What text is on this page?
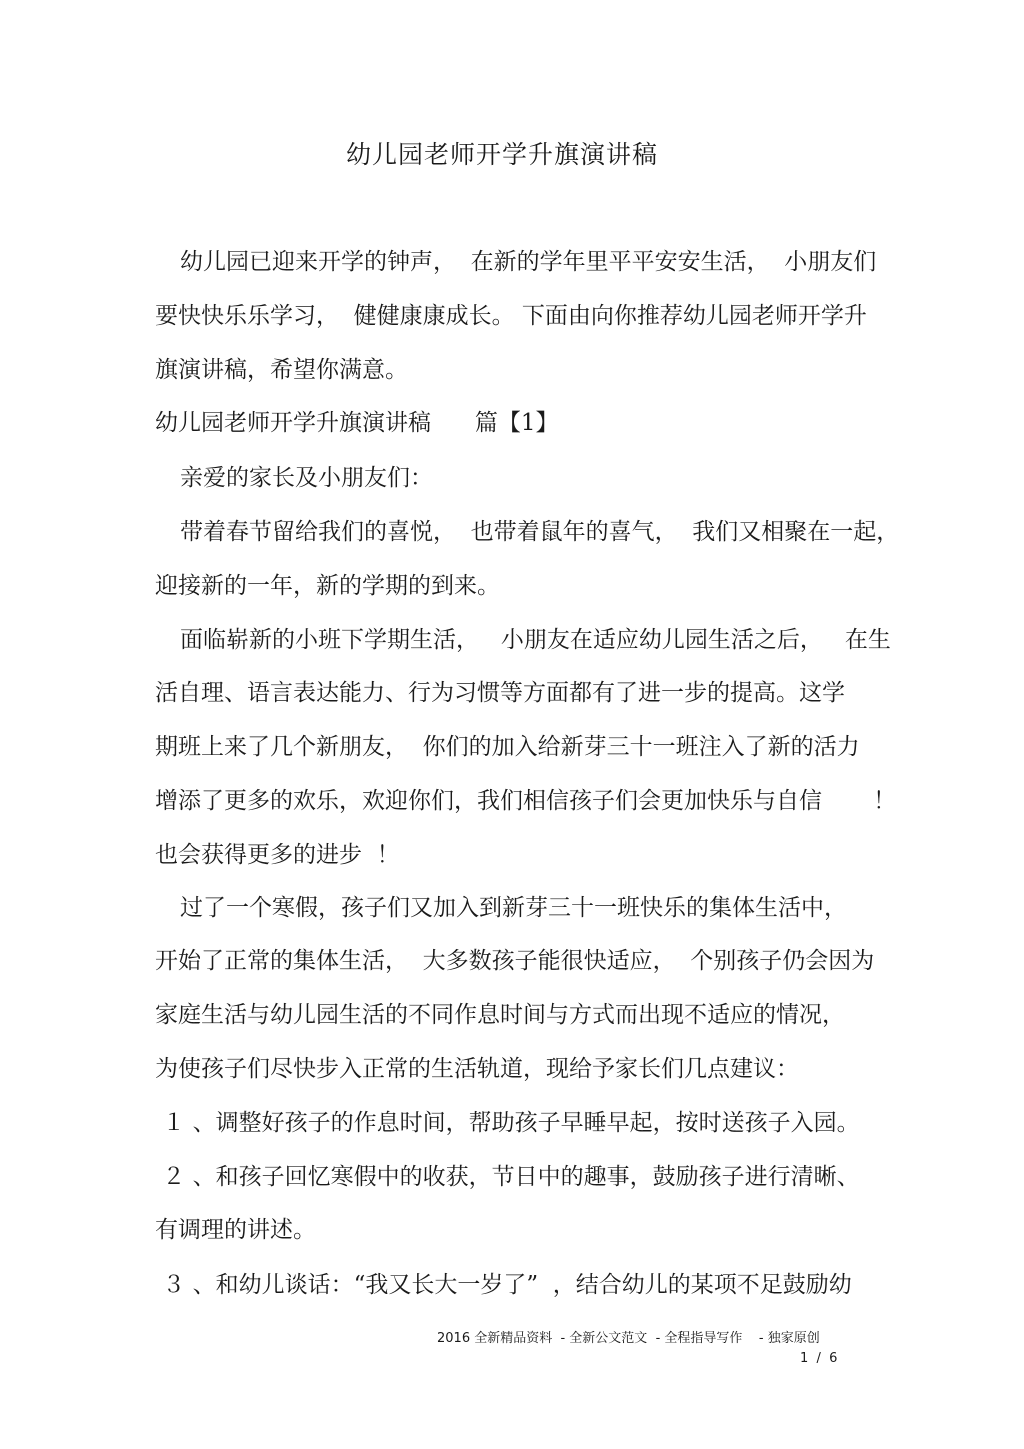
幼儿园老师开学升旗演讲稿
幼儿园已迎来开学的钟声，  在新的学年里平平安安生活，  小朋友们
要快快乐乐学习，  健健康康成长。 下面由向你推荐幼儿园老师开学升
旗演讲稿，希望你满意。
幼儿园老师开学升旗演讲稿      篇【1】
亲爱的家长及小朋友们：
带着春节留给我们的喜悦，  也带着鼠年的喜气，  我们又相聚在一起，
迎接新的一年，新的学期的到来。
面临崭新的小班下学期生活，   小朋友在适应幼儿园生活之后，   在生
活自理、语言表达能力、行为习惯等方面都有了进一步的提高。这学
期班上来了几个新朋友，  你们的加入给新芽三十一班注入了新的活力
增添了更多的欢乐，欢迎你们，我们相信孩子们会更加快乐与自信       ！
也会获得更多的进步  ！
过了一个寒假，孩子们又加入到新芽三十一班快乐的集体生活中，
开始了正常的集体生活，  大多数孩子能很快适应，  个别孩子仍会因为
家庭生活与幼儿园生活的不同作息时间与方式而出现不适应的情况，
为使孩子们尽快步入正常的生活轨道，现给予家长们几点建议：
１ 、调整好孩子的作息时间，帮助孩子早睡早起，按时送孩子入园。
２ 、和孩子回忆寒假中的收获，节日中的趣事，鼓励孩子进行清晰、
有调理的讲述。
３ 、和幼儿谈话：“我又长大一岁了”  ，结合幼儿的某项不足鼓励幼
2016 全新精品资料  - 全新公文范文  - 全程指导写作    - 独家原创
1  /  6
